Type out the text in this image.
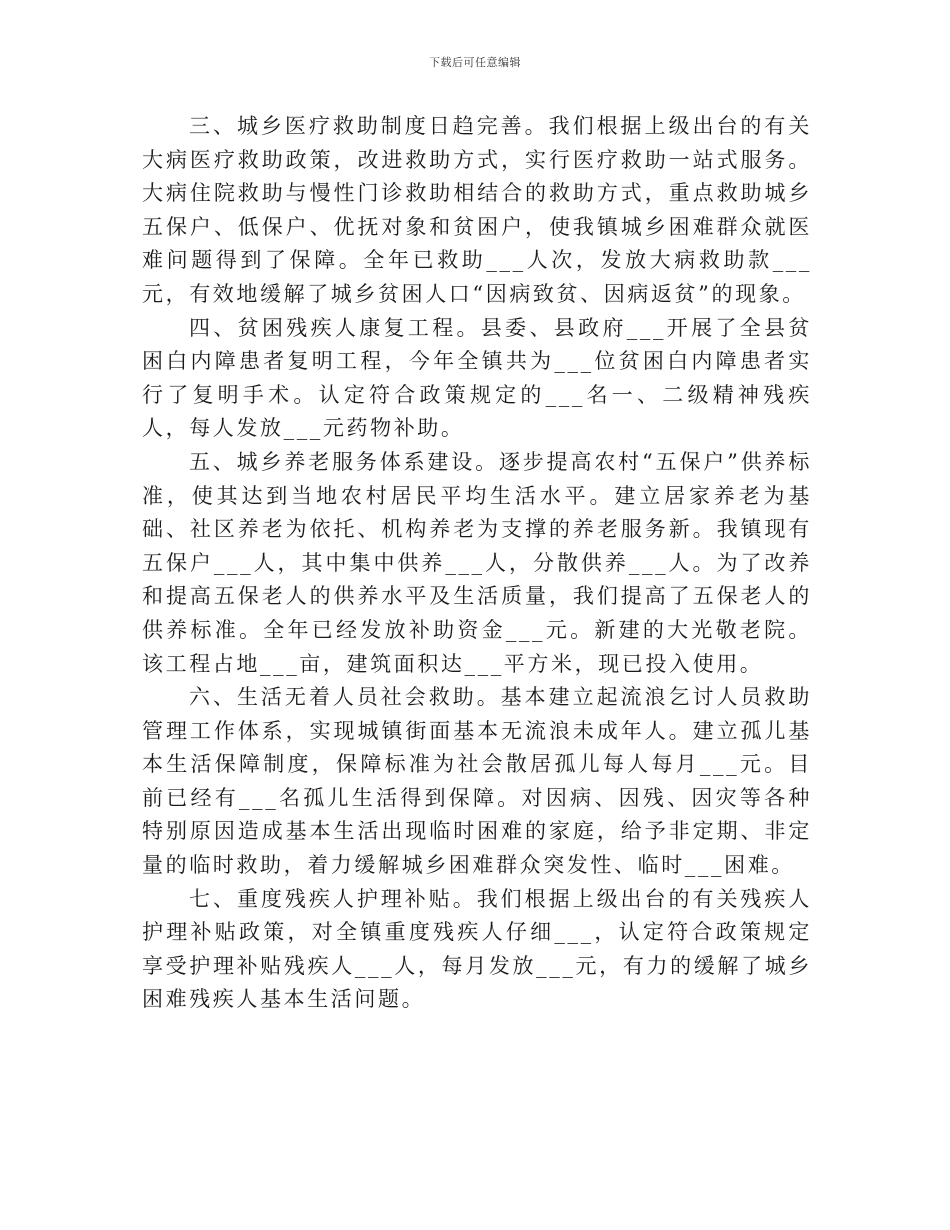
下载后可任意编辑

三、城乡医疗救助制度日趋完善。我们根据上级出台的有关大病医疗救助政策，改进救助方式，实行医疗救助一站式服务。大病住院救助与慢性门诊救助相结合的救助方式，重点救助城乡五保户、低保户、优抚对象和贫困户，使我镇城乡困难群众就医难问题得到了保障。全年已救助___人次，发放大病救助款___元，有效地缓解了城乡贫困人口“因病致贫、因病返贫”的现象。

四、贫困残疾人康复工程。县委、县政府___开展了全县贫困白内障患者复明工程，今年全镇共为___位贫困白内障患者实行了复明手术。认定符合政策规定的___名一、二级精神残疾人，每人发放___元药物补助。

五、城乡养老服务体系建设。逐步提高农村“五保户”供养标准，使其达到当地农村居民平均生活水平。建立居家养老为基础、社区养老为依托、机构养老为支撑的养老服务新。我镇现有五保户___人，其中集中供养___人，分散供养___人。为了改养和提高五保老人的供养水平及生活质量，我们提高了五保老人的供养标准。全年已经发放补助资金___元。新建的大光敬老院。该工程占地___亩，建筑面积达___平方米，现已投入使用。

六、生活无着人员社会救助。基本建立起流浪乞讨人员救助管理工作体系，实现城镇街面基本无流浪未成年人。建立孤儿基本生活保障制度，保障标准为社会散居孤儿每人每月___元。目前已经有___名孤儿生活得到保障。对因病、因残、因灾等各种特别原因造成基本生活出现临时困难的家庭，给予非定期、非定量的临时救助，着力缓解城乡困难群众突发性、临时___困难。

七、重度残疾人护理补贴。我们根据上级出台的有关残疾人护理补贴政策，对全镇重度残疾人仔细___，认定符合政策规定享受护理补贴残疾人___人，每月发放___元，有力的缓解了城乡困难残疾人基本生活问题。
